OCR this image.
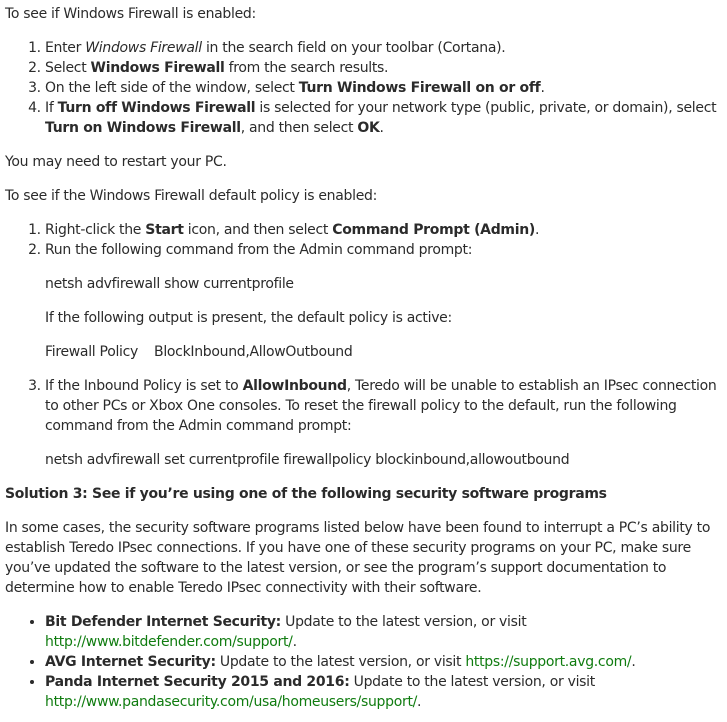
To see if Windows Firewall is enabled:

1. Enter Windows Firewall in the search field on your toolbar (Cortana).
2. Select Windows Firewall from the search results.
3. On the left side of the window, select Turn Windows Firewall on or off.
4. If Turn off Windows Firewall is selected for your network type (public, private, or domain), select Turn on Windows Firewall, and then select OK.

You may need to restart your PC.

To see if the Windows Firewall default policy is enabled:

1. Right-click the Start icon, and then select Command Prompt (Admin).
2. Run the following command from the Admin command prompt:

netsh advfirewall show currentprofile

If the following output is present, the default policy is active:

Firewall Policy BlockInbound,AllowOutbound

3. If the Inbound Policy is set to AllowInbound, Teredo will be unable to establish an IPsec connection to other PCs or Xbox One consoles. To reset the firewall policy to the default, run the following command from the Admin command prompt:

netsh advfirewall set currentprofile firewallpolicy blockinbound,allowoutbound

Solution 3: See if you’re using one of the following security software programs

In some cases, the security software programs listed below have been found to interrupt a PC’s ability to establish Teredo IPsec connections. If you have one of these security programs on your PC, make sure you’ve updated the software to the latest version, or see the program’s support documentation to determine how to enable Teredo IPsec connectivity with their software.

• Bit Defender Internet Security: Update to the latest version, or visit http://www.bitdefender.com/support/.
• AVG Internet Security: Update to the latest version, or visit https://support.avg.com/.
• Panda Internet Security 2015 and 2016: Update to the latest version, or visit http://www.pandasecurity.com/usa/homeusers/support/.
